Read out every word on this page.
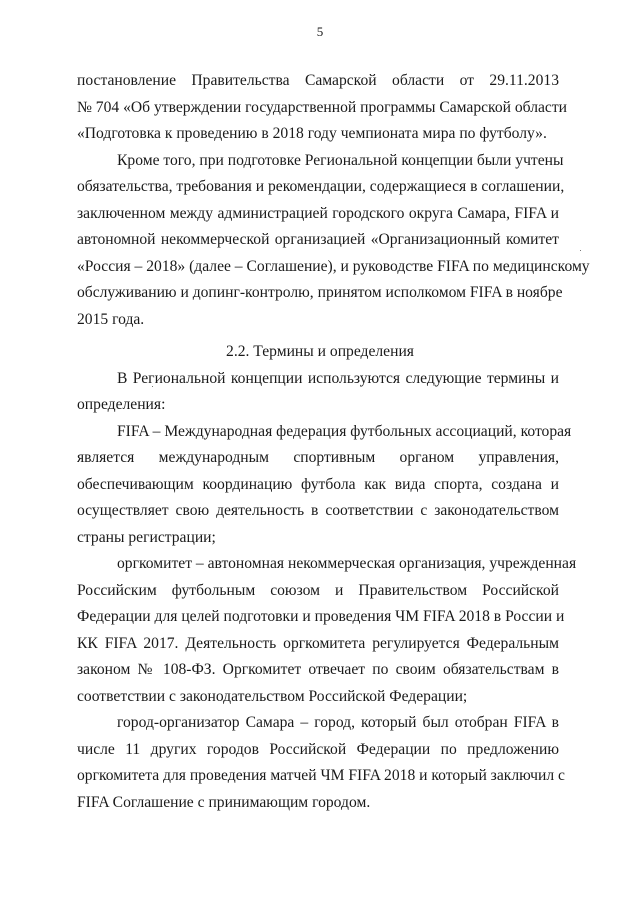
5
постановление Правительства Самарской области от 29.11.2013
№ 704 «Об утверждении государственной программы Самарской области
«Подготовка к проведению в 2018 году чемпионата мира по футболу».
Кроме того, при подготовке Региональной концепции были учтены
обязательства, требования и рекомендации, содержащиеся в соглашении,
заключенном между администрацией городского округа Самара, FIFA и
автономной некоммерческой организацией «Организационный комитет
«Россия – 2018» (далее – Соглашение), и руководстве FIFA по медицинскому
обслуживанию и допинг-контролю, принятом исполкомом FIFA в ноябре
2015 года.
2.2. Термины и определения
В Региональной концепции используются следующие термины и
определения:
FIFA – Международная федерация футбольных ассоциаций, которая
является международным спортивным органом управления,
обеспечивающим координацию футбола как вида спорта, создана и
осуществляет свою деятельность в соответствии с законодательством
страны регистрации;
оргкомитет – автономная некоммерческая организация, учрежденная
Российским футбольным союзом и Правительством Российской
Федерации для целей подготовки и проведения ЧМ FIFA 2018 в России и
КК FIFA 2017. Деятельность оргкомитета регулируется Федеральным
законом № 108-ФЗ. Оргкомитет отвечает по своим обязательствам в
соответствии с законодательством Российской Федерации;
город-организатор Самара – город, который был отобран FIFA в
числе 11 других городов Российской Федерации по предложению
оргкомитета для проведения матчей ЧМ FIFA 2018 и который заключил с
FIFA Соглашение с принимающим городом.
